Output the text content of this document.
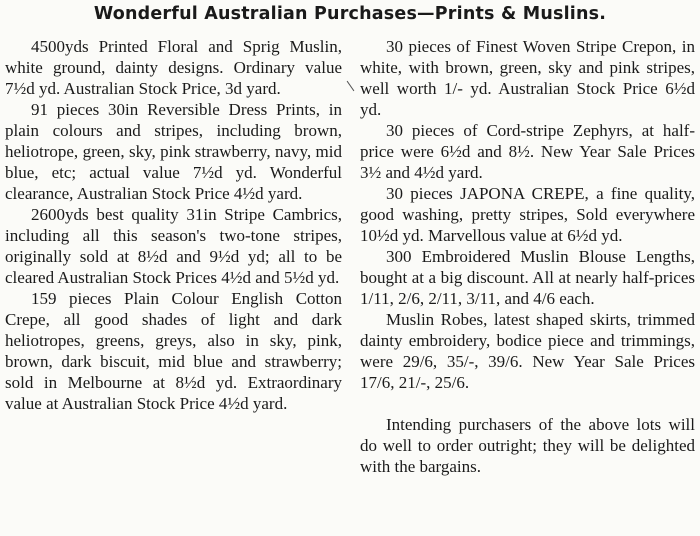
Wonderful Australian Purchases—Prints & Muslins.

4500yds Printed Floral and Sprig Muslin, white ground, dainty designs. Ordinary value 7½d yd. Australian Stock Price, 3d yard.

91 pieces 30in Reversible Dress Prints, in plain colours and stripes, including brown, heliotrope, green, sky, pink strawberry, navy, mid blue, etc; actual value 7½d yd. Wonderful clearance, Australian Stock Price 4½d yard.

2600yds best quality 31in Stripe Cambrics, including all this season's two-tone stripes, originally sold at 8½d and 9½d yd; all to be cleared Australian Stock Prices 4½d and 5½d yd.

159 pieces Plain Colour English Cotton Crepe, all good shades of light and dark heliotropes, greens, greys, also in sky, pink, brown, dark biscuit, mid blue and strawberry; sold in Melbourne at 8½d yd. Extraordinary value at Australian Stock Price 4½d yard.

30 pieces of Finest Woven Stripe Crepon, in white, with brown, green, sky and pink stripes, well worth 1/- yd. Australian Stock Price 6½d yd.

30 pieces of Cord-stripe Zephyrs, at half-price were 6½d and 8½. New Year Sale Prices 3½ and 4½d yard.

30 pieces JAPONA CREPE, a fine quality, good washing, pretty stripes, Sold everywhere 10½d yd. Marvellous value at 6½d yd.

300 Embroidered Muslin Blouse Lengths, bought at a big discount. All at nearly half-prices 1/11, 2/6, 2/11, 3/11, and 4/6 each.

Muslin Robes, latest shaped skirts, trimmed dainty embroidery, bodice piece and trimmings, were 29/6, 35/-, 39/6. New Year Sale Prices 17/6, 21/-, 25/6.

Intending purchasers of the above lots will do well to order outright; they will be delighted with the bargains.
